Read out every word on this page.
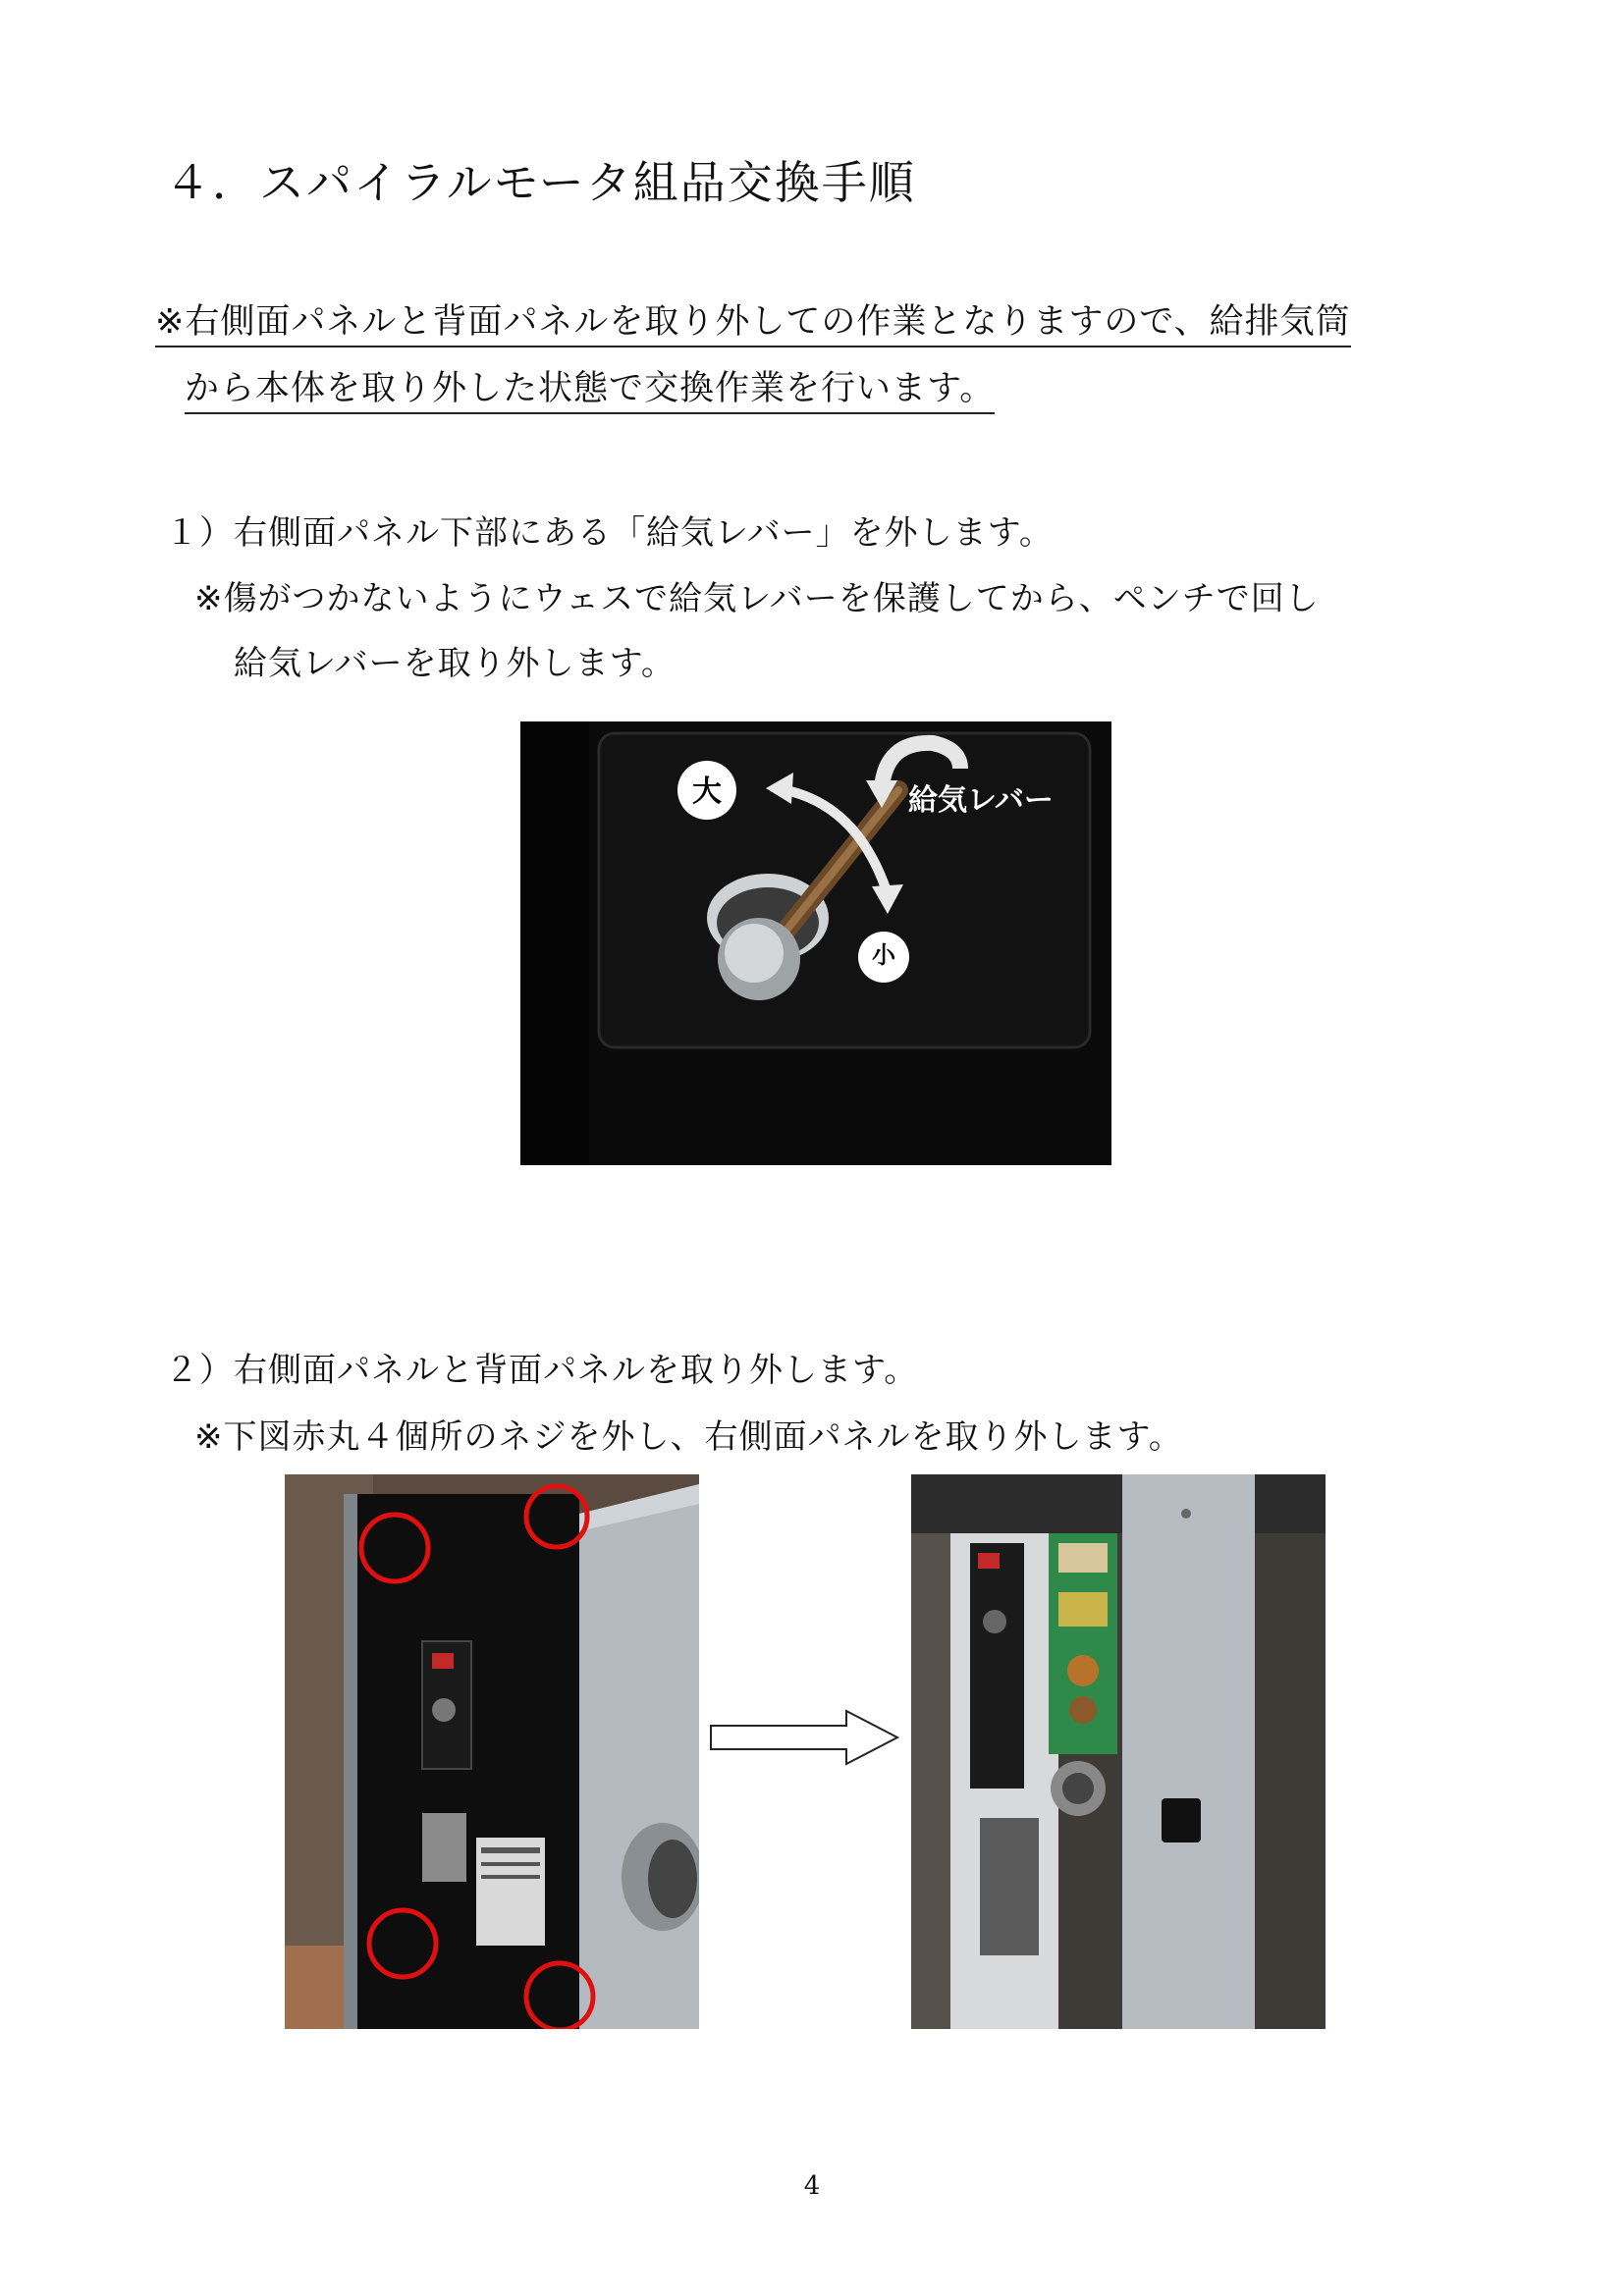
４．スパイラルモータ組品交換手順
※右側面パネルと背面パネルを取り外しての作業となりますので、給排気筒
から本体を取り外した状態で交換作業を行います。
１）右側面パネル下部にある「給気レバー」を外します。
※傷がつかないようにウェスで給気レバーを保護してから、ペンチで回し
給気レバーを取り外します。
大
小
給気レバー
２）右側面パネルと背面パネルを取り外します。
※下図赤丸４個所のネジを外し、右側面パネルを取り外します。
4
